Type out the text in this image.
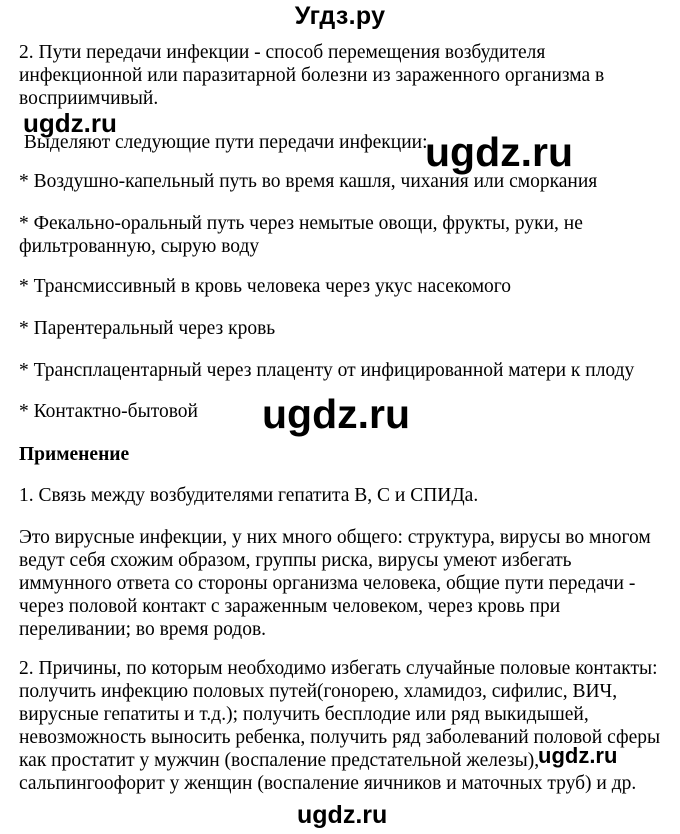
Угдз.ру
2. Пути передачи инфекции - способ перемещения возбудителя
инфекционной или паразитарной болезни из зараженного организма в
восприимчивый.
Выделяют следующие пути передачи инфекции:
* Воздушно-капельный путь во время кашля, чихания или сморкания
* Фекально-оральный путь через немытые овощи, фрукты, руки, не
фильтрованную, сырую воду
* Трансмиссивный в кровь человека через укус насекомого
* Парентеральный через кровь
* Трансплацентарный через плаценту от инфицированной матери к плоду
* Контактно-бытовой
Применение
1. Связь между возбудителями гепатита В, С и СПИДа.
Это вирусные инфекции, у них много общего: структура, вирусы во многом
ведут себя схожим образом, группы риска, вирусы умеют избегать
иммунного ответа со стороны организма человека, общие пути передачи -
через половой контакт с зараженным человеком, через кровь при
переливании; во время родов.
2. Причины, по которым необходимо избегать случайные половые контакты:
получить инфекцию половых путей(гонорею, хламидоз, сифилис, ВИЧ,
вирусные гепатиты и т.д.); получить бесплодие или ряд выкидышей,
невозможность выносить ребенка, получить ряд заболеваний половой сферы
как простатит у мужчин (воспаление предстательной железы),
сальпингоофорит у женщин (воспаление яичников и маточных труб) и др.
ugdz.ru
ugdz.ru
ugdz.ru
ugdz.ru
ugdz.ru
